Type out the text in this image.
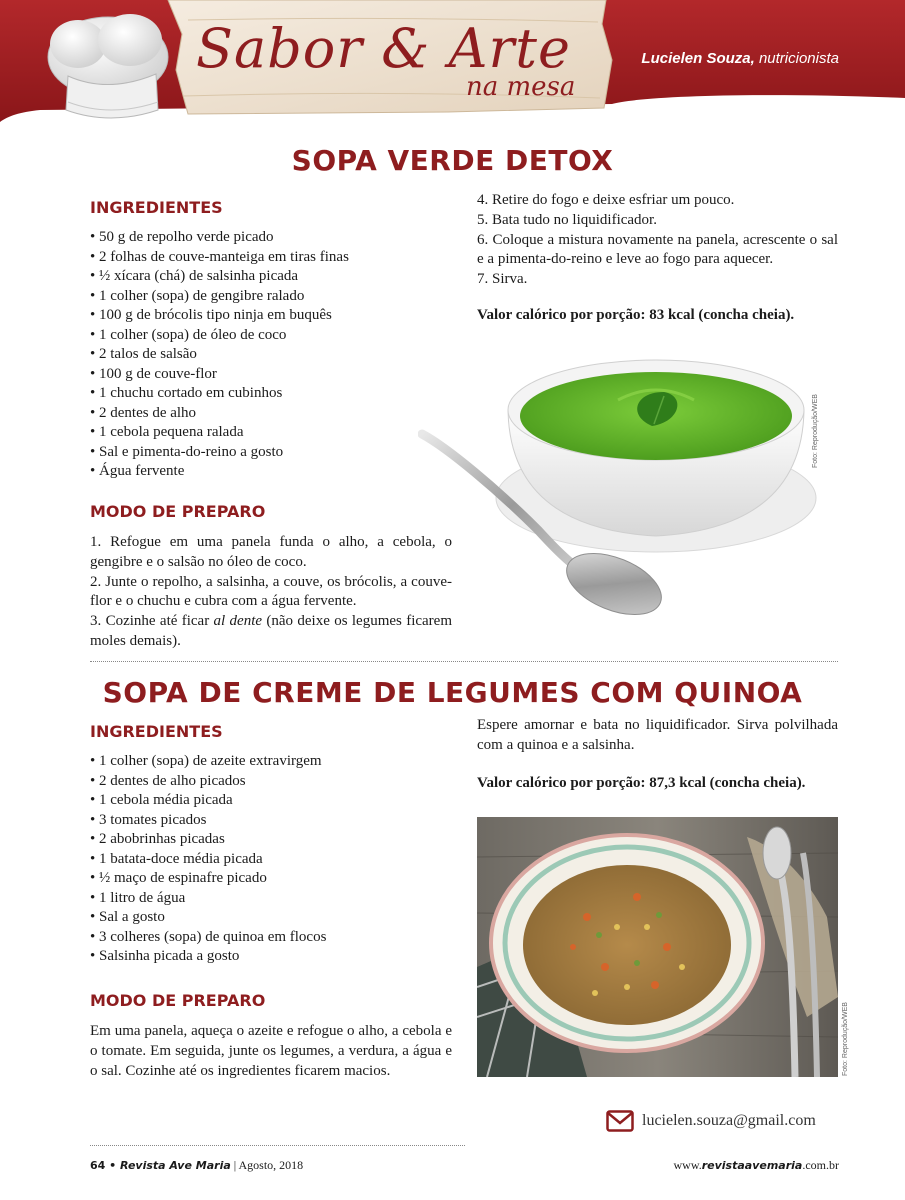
Sabor & Arte
na mesa
Lucielen Souza, nutricionista
SOPA VERDE DETOX
INGREDIENTES
• 50 g de repolho verde picado
• 2 folhas de couve-manteiga em tiras finas
• ½ xícara (chá) de salsinha picada
• 1 colher (sopa) de gengibre ralado
• 100 g de brócolis tipo ninja em buquês
• 1 colher (sopa) de óleo de coco
• 2 talos de salsão
• 100 g de couve-flor
• 1 chuchu cortado em cubinhos
• 2 dentes de alho
• 1 cebola pequena ralada
• Sal e pimenta-do-reino a gosto
• Água fervente
MODO DE PREPARO

1. Refogue em uma panela funda o alho, a cebola, o gengibre e o salsão no óleo de coco.

2. Junte o repolho, a salsinha, a couve, os brócolis, a couve-flor e o chuchu e cubra com a água fervente.

3. Cozinhe até ficar al dente (não deixe os legumes ficarem moles demais).

4. Retire do fogo e deixe esfriar um pouco.

5. Bata tudo no liquidificador.

6. Coloque a mistura novamente na panela, acrescente o sal e a pimenta-do-reino e leve ao fogo para aquecer.

7. Sirva.

Valor calórico por porção: 83 kcal (concha cheia).
Foto: Reprodução/WEB
SOPA DE CREME DE LEGUMES COM QUINOA
INGREDIENTES
• 1 colher (sopa) de azeite extravirgem
• 2 dentes de alho picados
• 1 cebola média picada
• 3 tomates picados
• 2 abobrinhas picadas
• 1 batata-doce média picada
• ½ maço de espinafre picado
• 1 litro de água
• Sal a gosto
• 3 colheres (sopa) de quinoa em flocos
• Salsinha picada a gosto
MODO DE PREPARO
Em uma panela, aqueça o azeite e refogue o alho, a cebola e o tomate. Em seguida, junte os legumes, a verdura, a água e o sal. Cozinhe até os ingredientes ficarem macios.
Espere amornar e bata no liquidificador. Sirva polvilhada com a quinoa e a salsinha.
Valor calórico por porção: 87,3 kcal (concha cheia).
Foto: Reprodução/WEB
lucielen.souza@gmail.com
64 • Revista Ave Maria | Agosto, 2018	www.revistaavemaria.com.br
